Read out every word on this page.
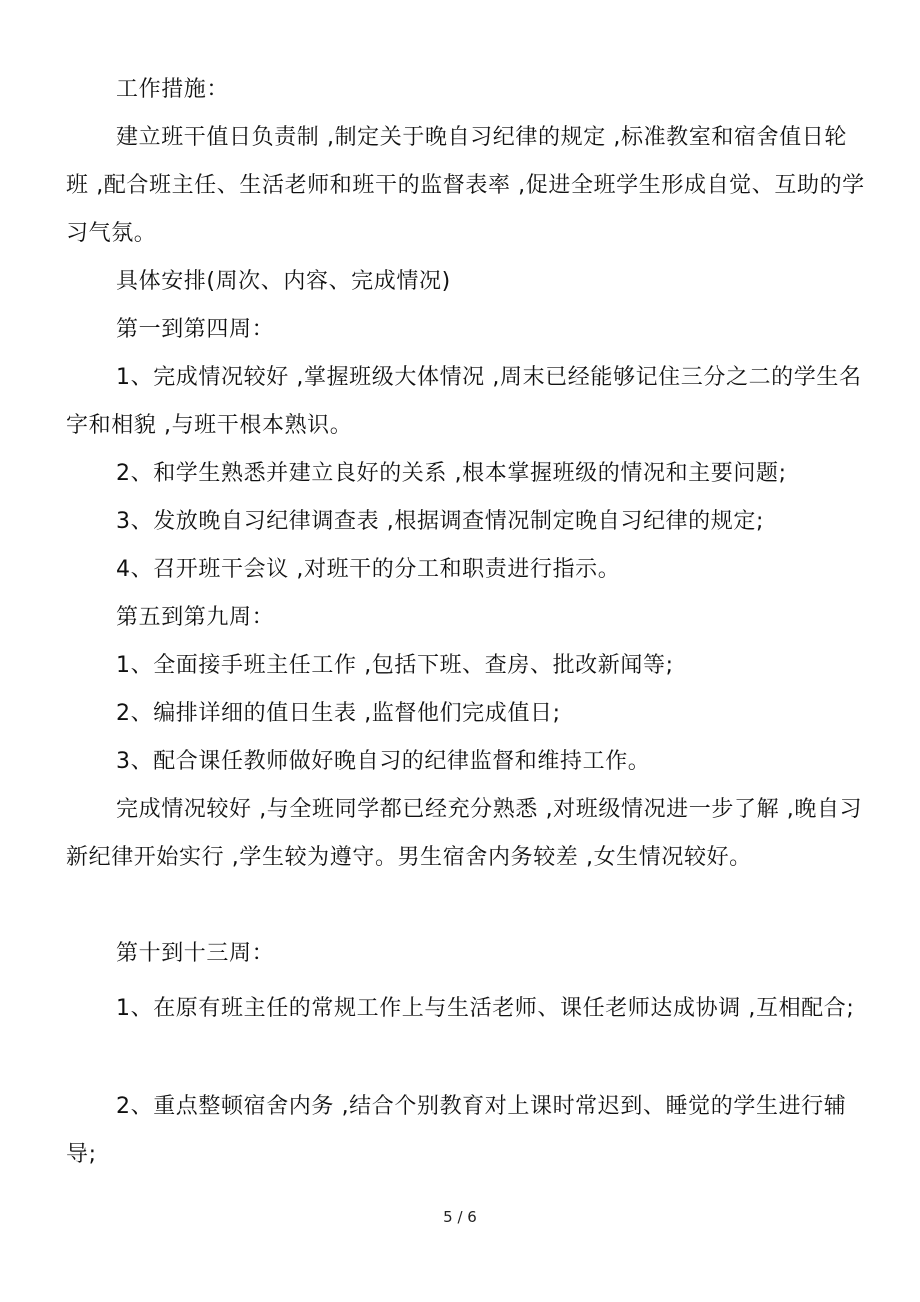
工作措施：

建立班干值日负责制 ,制定关于晚自习纪律的规定 ,标准教室和宿舍值日轮班 ,配合班主任、生活老师和班干的监督表率 ,促进全班学生形成自觉、互助的学习气氛。

具体安排(周次、内容、完成情况)

第一到第四周：

1、完成情况较好 ,掌握班级大体情况 ,周末已经能够记住三分之二的学生名字和相貌 ,与班干根本熟识。

2、和学生熟悉并建立良好的关系 ,根本掌握班级的情况和主要问题;

3、发放晚自习纪律调查表 ,根据调查情况制定晚自习纪律的规定;

4、召开班干会议 ,对班干的分工和职责进行指示。

第五到第九周：

1、全面接手班主任工作 ,包括下班、查房、批改新闻等;

2、编排详细的值日生表 ,监督他们完成值日;

3、配合课任教师做好晚自习的纪律监督和维持工作。

完成情况较好 ,与全班同学都已经充分熟悉 ,对班级情况进一步了解 ,晚自习新纪律开始实行 ,学生较为遵守。男生宿舍内务较差 ,女生情况较好。

第十到十三周：

1、在原有班主任的常规工作上与生活老师、课任老师达成协调 ,互相配合;

2、重点整顿宿舍内务 ,结合个别教育对上课时常迟到、睡觉的学生进行辅导;

5 / 6
